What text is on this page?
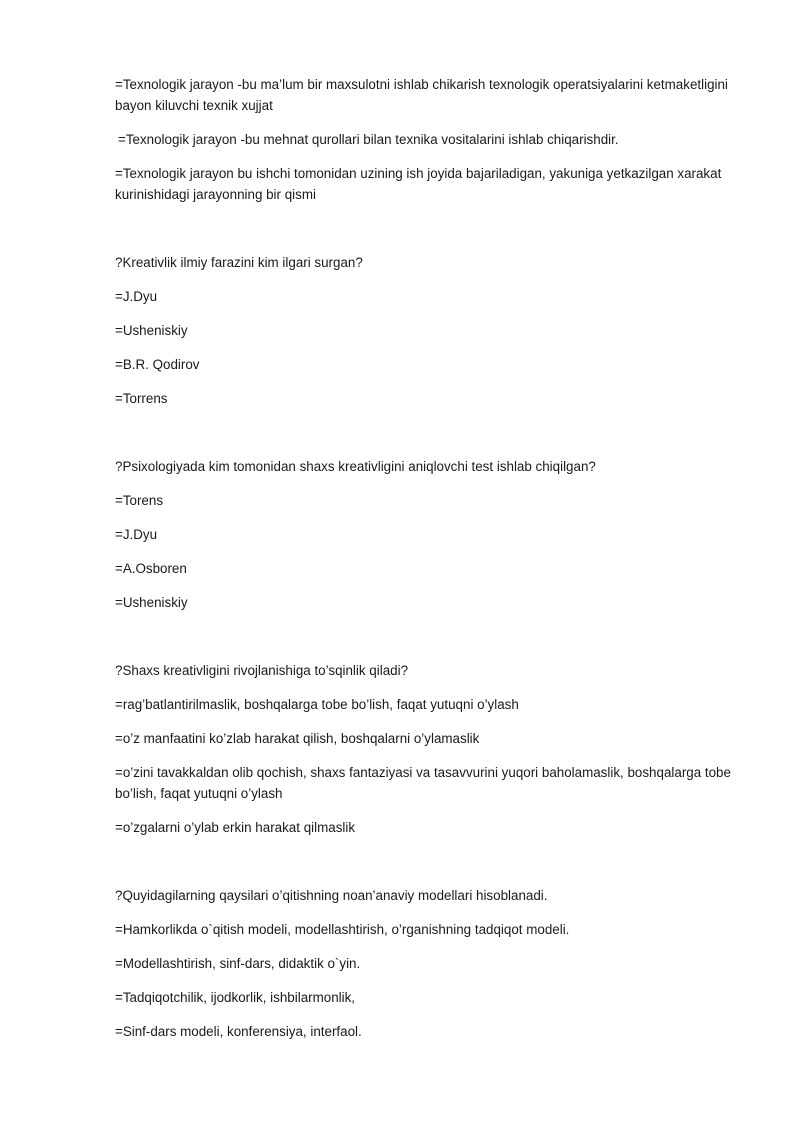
=Texnologik jarayon -bu ma’lum bir maxsulotni ishlab chikarish texnologik operatsiyalarini ketmaketligini bayon kiluvchi texnik xujjat

=Texnologik jarayon -bu mehnat qurollari bilan texnika vositalarini ishlab chiqarishdir.

=Texnologik jarayon bu ishchi tomonidan uzining ish joyida bajariladigan, yakuniga yetkazilgan xarakat kurinishidagi jarayonning bir qismi

?Kreativlik ilmiy farazini kim ilgari surgan?

=J.Dyu

=Usheniskiy

=B.R. Qodirov

=Torrens

?Psixologiyada kim tomonidan shaxs kreativligini aniqlovchi test ishlab chiqilgan?

=Torens

=J.Dyu

=A.Osboren

=Usheniskiy

?Shaxs kreativligini rivojlanishiga to’sqinlik qiladi?

=rag’batlantirilmaslik, boshqalarga tobe bo’lish, faqat yutuqni o’ylash

=o’z manfaatini ko’zlab harakat qilish, boshqalarni o’ylamaslik

=o’zini tavakkaldan olib qochish, shaxs fantaziyasi va tasavvurini yuqori baholamaslik, boshqalarga tobe bo’lish, faqat yutuqni o’ylash

=o’zgalarni o’ylab erkin harakat qilmaslik

?Quyidagilarning qaysilari o’qitishning noan’anaviy modellari hisoblanadi.

=Hamkorlikda o`qitish modeli, modellashtirish, o’rganishning tadqiqot modeli.

=Modellashtirish, sinf-dars, didaktik o`yin.

=Tadqiqotchilik, ijodkorlik, ishbilarmonlik,

=Sinf-dars modeli, konferensiya, interfaol.
